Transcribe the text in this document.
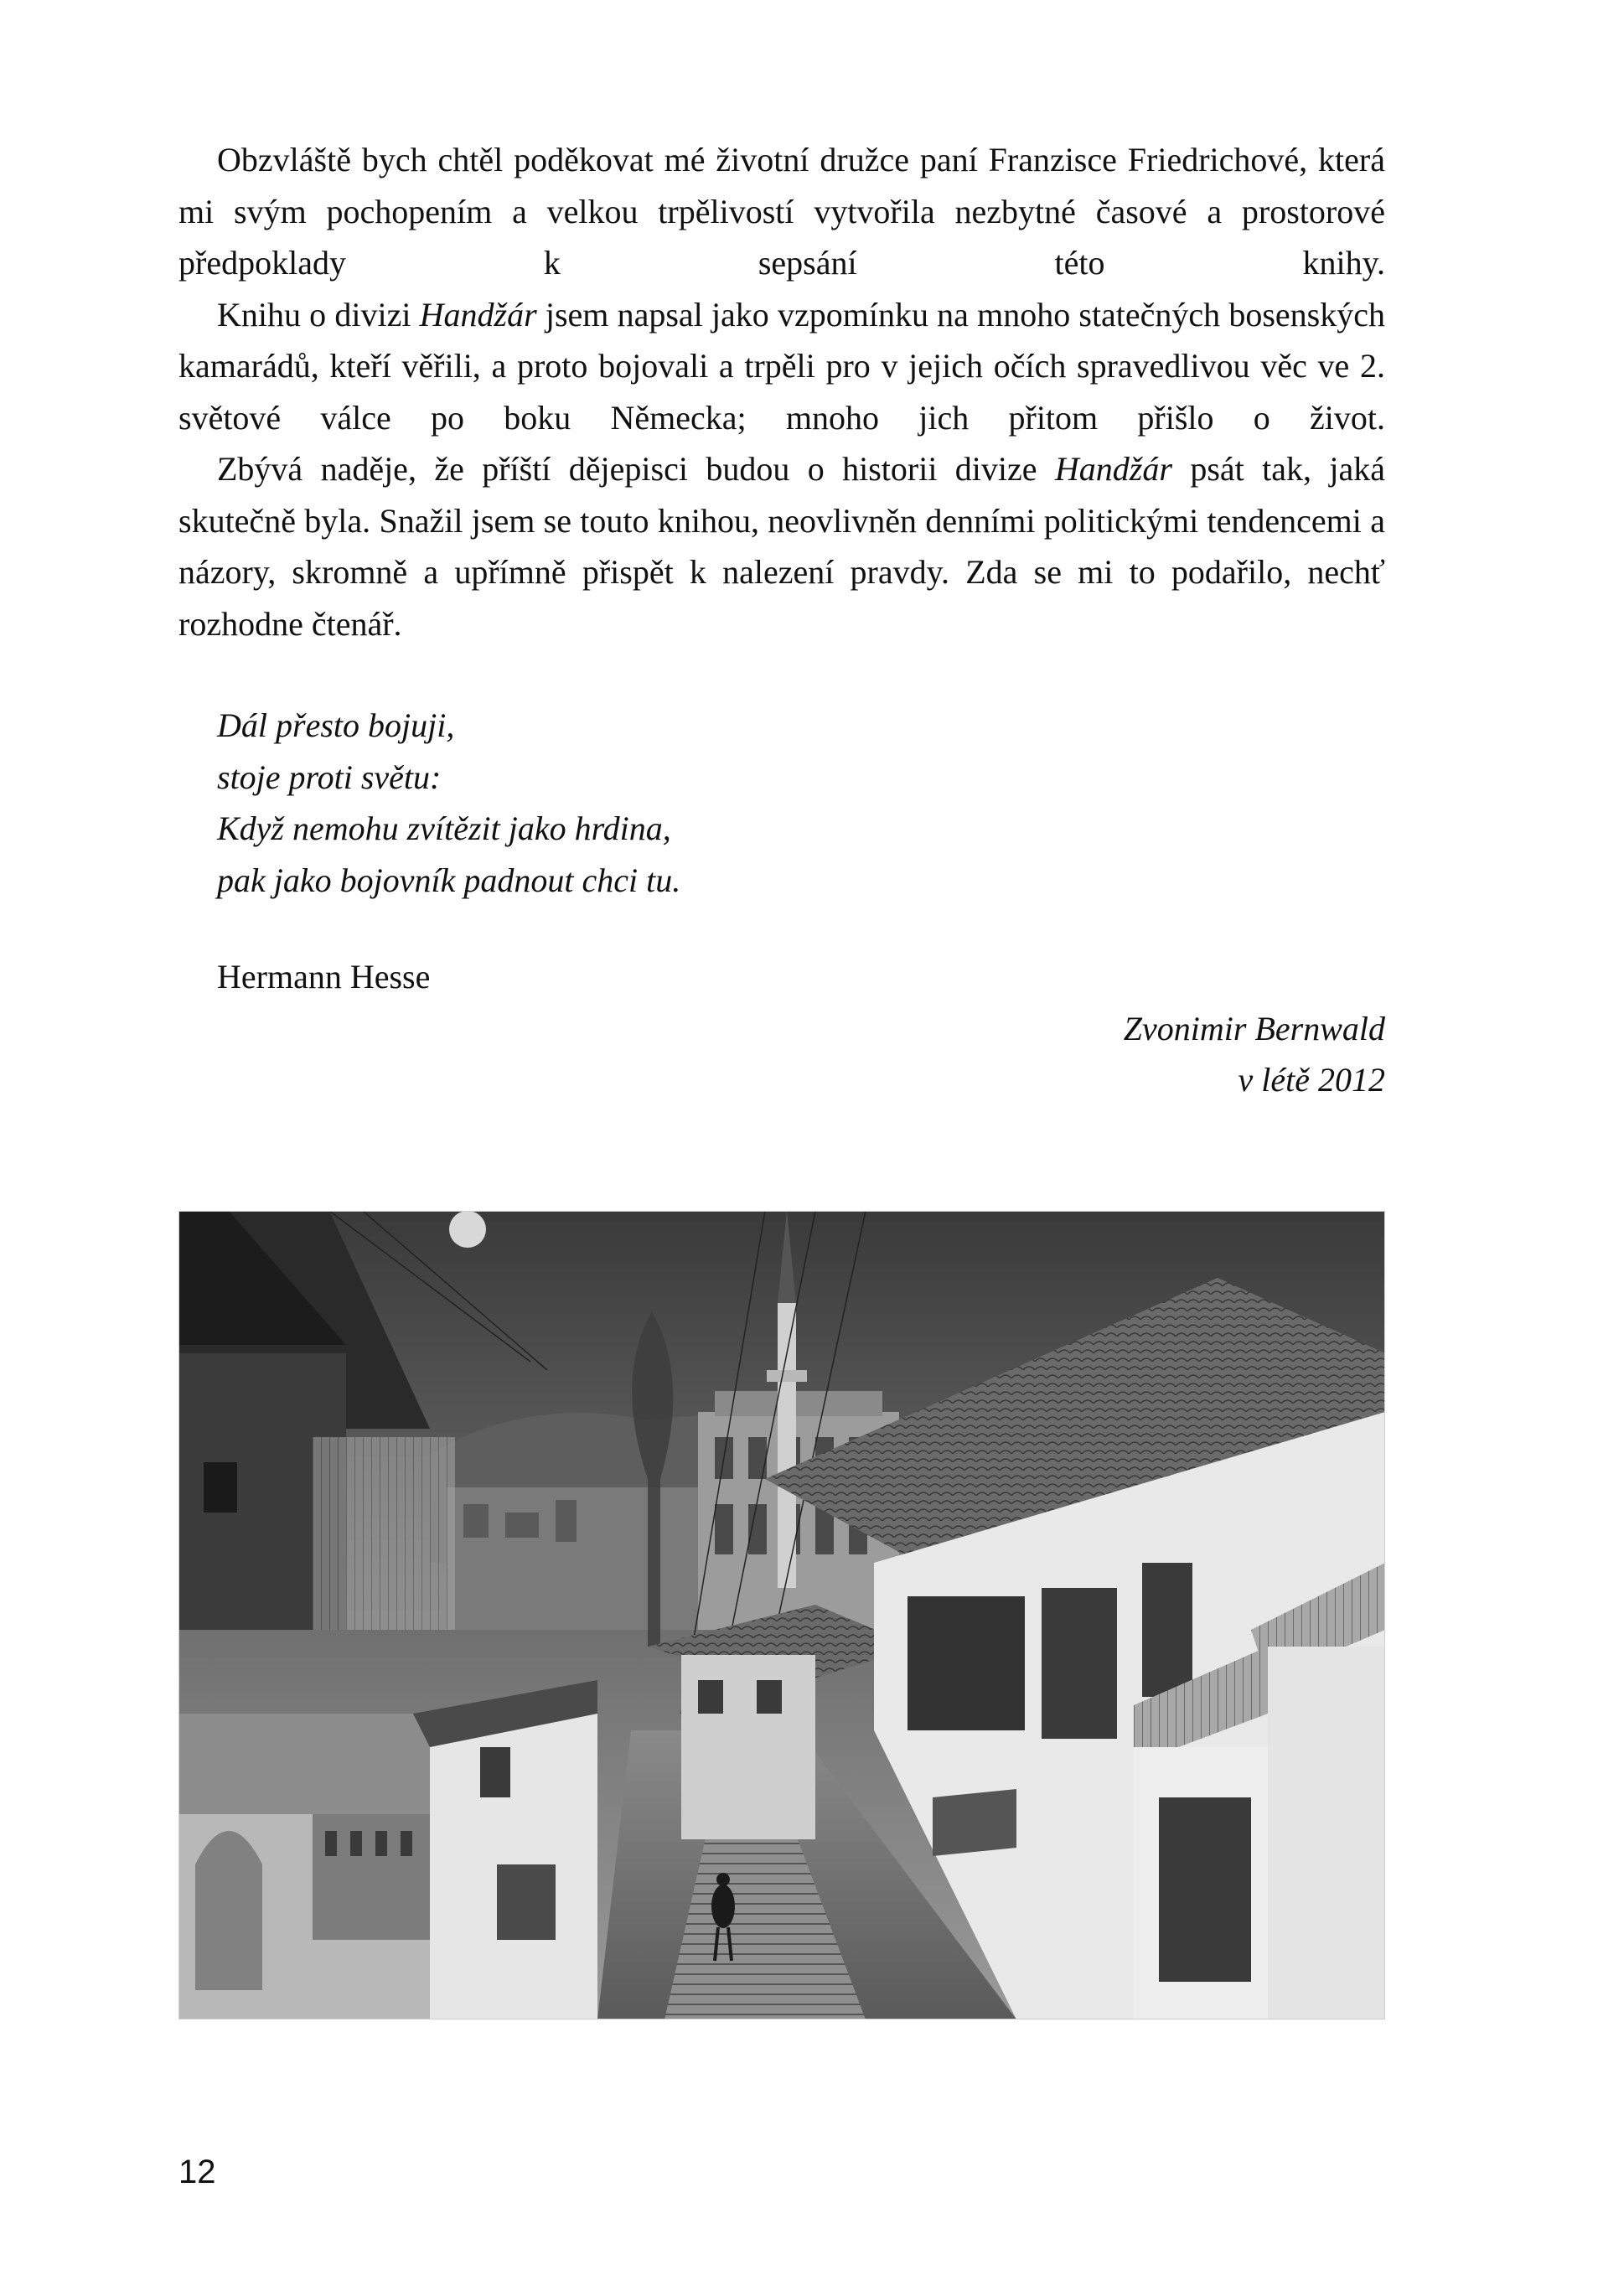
Obzvláště bych chtěl poděkovat mé životní družce paní Franzisce Friedrichové, která mi svým pochopením a velkou trpělivostí vytvořila nezbytné časové a prostorové předpoklady k sepsání této knihy.

Knihu o divizi Handžár jsem napsal jako vzpomínku na mnoho statečných bosenských kamarádů, kteří věřili, a proto bojovali a trpěli pro v jejich očích spravedlivou věc ve 2. světové válce po boku Německa; mnoho jich přitom přišlo o život.

Zbývá naděje, že příští dějepisci budou o historii divize Handžár psát tak, jaká skutečně byla. Snažil jsem se touto knihou, neovlivněn denními politickými tendencemi a názory, skromně a upřímně přispět k nalezení pravdy. Zda se mi to podařilo, nechť rozhodne čtenář.

Dál přesto bojuji,
stoje proti světu:
Když nemohu zvítězit jako hrdina,
pak jako bojovník padnout chci tu.
Hermann Hesse
Zvonimir Bernwald
v létě 2012
12
